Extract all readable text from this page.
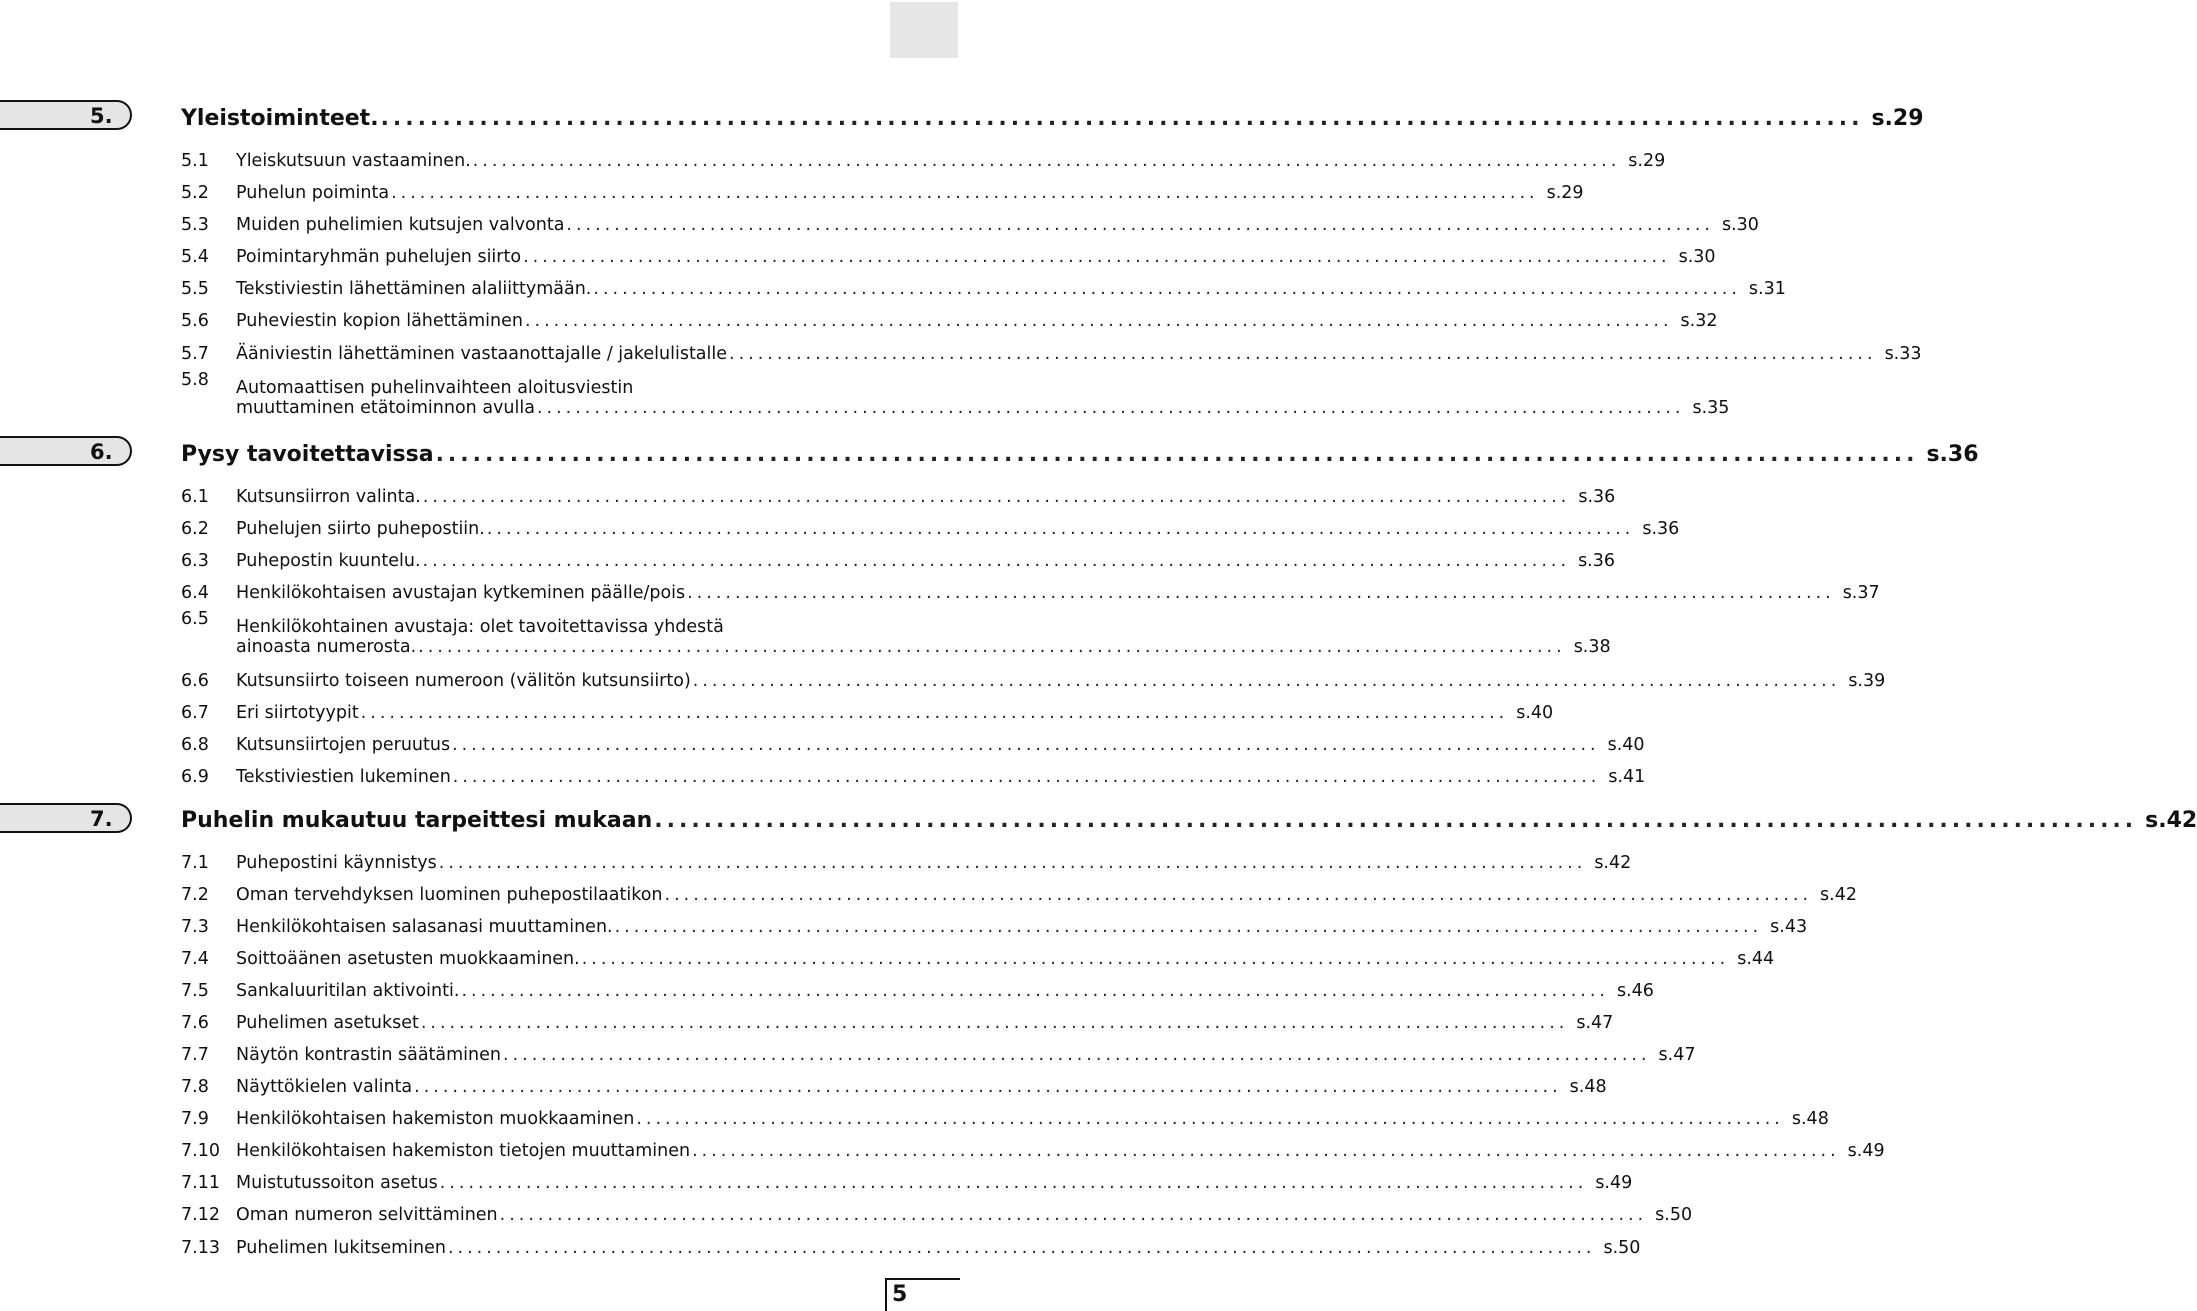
5.	Yleistoiminteet. .....	s.29
5.1	Yleiskutsuun vastaaminen. .....	s.29
5.2	Puhelun poiminta .....	s.29
5.3	Muiden puhelimien kutsujen valvonta .....	s.30
5.4	Poimintaryhmän puhelujen siirto .....	s.30
5.5	Tekstiviestin lähettäminen alaliittymään. .....	s.31
5.6	Puheviestin kopion lähettäminen .....	s.32
5.7	Ääniviestin lähettäminen vastaanottajalle / jakelulistalle .....	s.33
5.8	Automaattisen puhelinvaihteen aloitusviestin
muuttaminen etätoiminnon avulla .....	s.35
6.	Pysy tavoitettavissa .....	s.36
6.1	Kutsunsiirron valinta. .....	s.36
6.2	Puhelujen siirto puhepostiin. .....	s.36
6.3	Puhepostin kuuntelu. .....	s.36
6.4	Henkilökohtaisen avustajan kytkeminen päälle/pois .....	s.37
6.5	Henkilökohtainen avustaja: olet tavoitettavissa yhdestä
ainoasta numerosta. .....	s.38
6.6	Kutsunsiirto toiseen numeroon (välitön kutsunsiirto) .....	s.39
6.7	Eri siirtotyypit .....	s.40
6.8	Kutsunsiirtojen peruutus .....	s.40
6.9	Tekstiviestien lukeminen .....	s.41
7.	Puhelin mukautuu tarpeittesi mukaan .....	s.42
7.1	Puhepostini käynnistys .....	s.42
7.2	Oman tervehdyksen luominen puhepostilaatikon .....	s.42
7.3	Henkilökohtaisen salasanasi muuttaminen. .....	s.43
7.4	Soittoäänen asetusten muokkaaminen. .....	s.44
7.5	Sankaluuritilan aktivointi. .....	s.46
7.6	Puhelimen asetukset .....	s.47
7.7	Näytön kontrastin säätäminen .....	s.47
7.8	Näyttökielen valinta .....	s.48
7.9	Henkilökohtaisen hakemiston muokkaaminen .....	s.48
7.10 Henkilökohtaisen hakemiston tietojen muuttaminen .....	s.49
7.11 Muistutussoiton asetus .....	s.49
7.12 Oman numeron selvittäminen .....	s.50
7.13 Puhelimen lukitseminen .....	s.50
5
